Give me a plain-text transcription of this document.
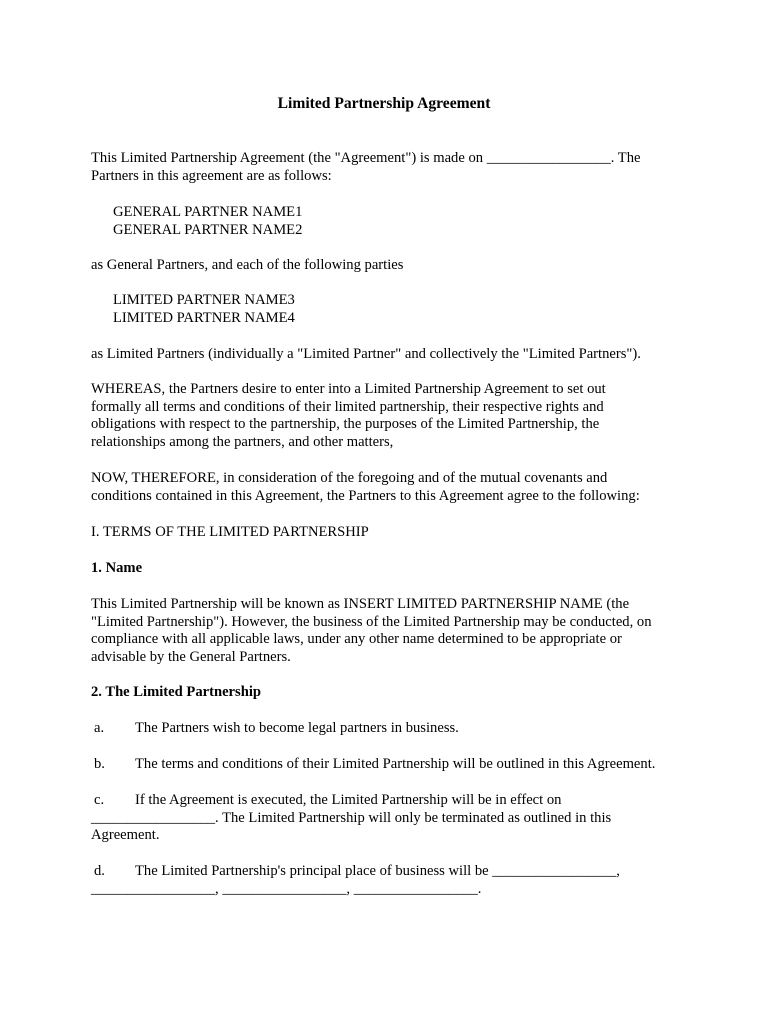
Limited Partnership Agreement
This Limited Partnership Agreement (the "Agreement") is made on _________________. The
Partners in this agreement are as follows:
GENERAL PARTNER NAME1
GENERAL PARTNER NAME2
as General Partners, and each of the following parties
LIMITED PARTNER NAME3
LIMITED PARTNER NAME4
as Limited Partners (individually a "Limited Partner" and collectively the "Limited Partners").
WHEREAS, the Partners desire to enter into a Limited Partnership Agreement to set out
formally all terms and conditions of their limited partnership, their respective rights and
obligations with respect to the partnership, the purposes of the Limited Partnership, the
relationships among the partners, and other matters,
NOW, THEREFORE, in consideration of the foregoing and of the mutual covenants and
conditions contained in this Agreement, the Partners to this Agreement agree to the following:
I. TERMS OF THE LIMITED PARTNERSHIP
1. Name
This Limited Partnership will be known as INSERT LIMITED PARTNERSHIP NAME (the
"Limited Partnership"). However, the business of the Limited Partnership may be conducted, on
compliance with all applicable laws, under any other name determined to be appropriate or
advisable by the General Partners.
2. The Limited Partnership
a.	The Partners wish to become legal partners in business.
b.	The terms and conditions of their Limited Partnership will be outlined in this Agreement.
c.	If the Agreement is executed, the Limited Partnership will be in effect on
_________________. The Limited Partnership will only be terminated as outlined in this
Agreement.
d.	The Limited Partnership's principal place of business will be _________________,
_________________, _________________, _________________.
